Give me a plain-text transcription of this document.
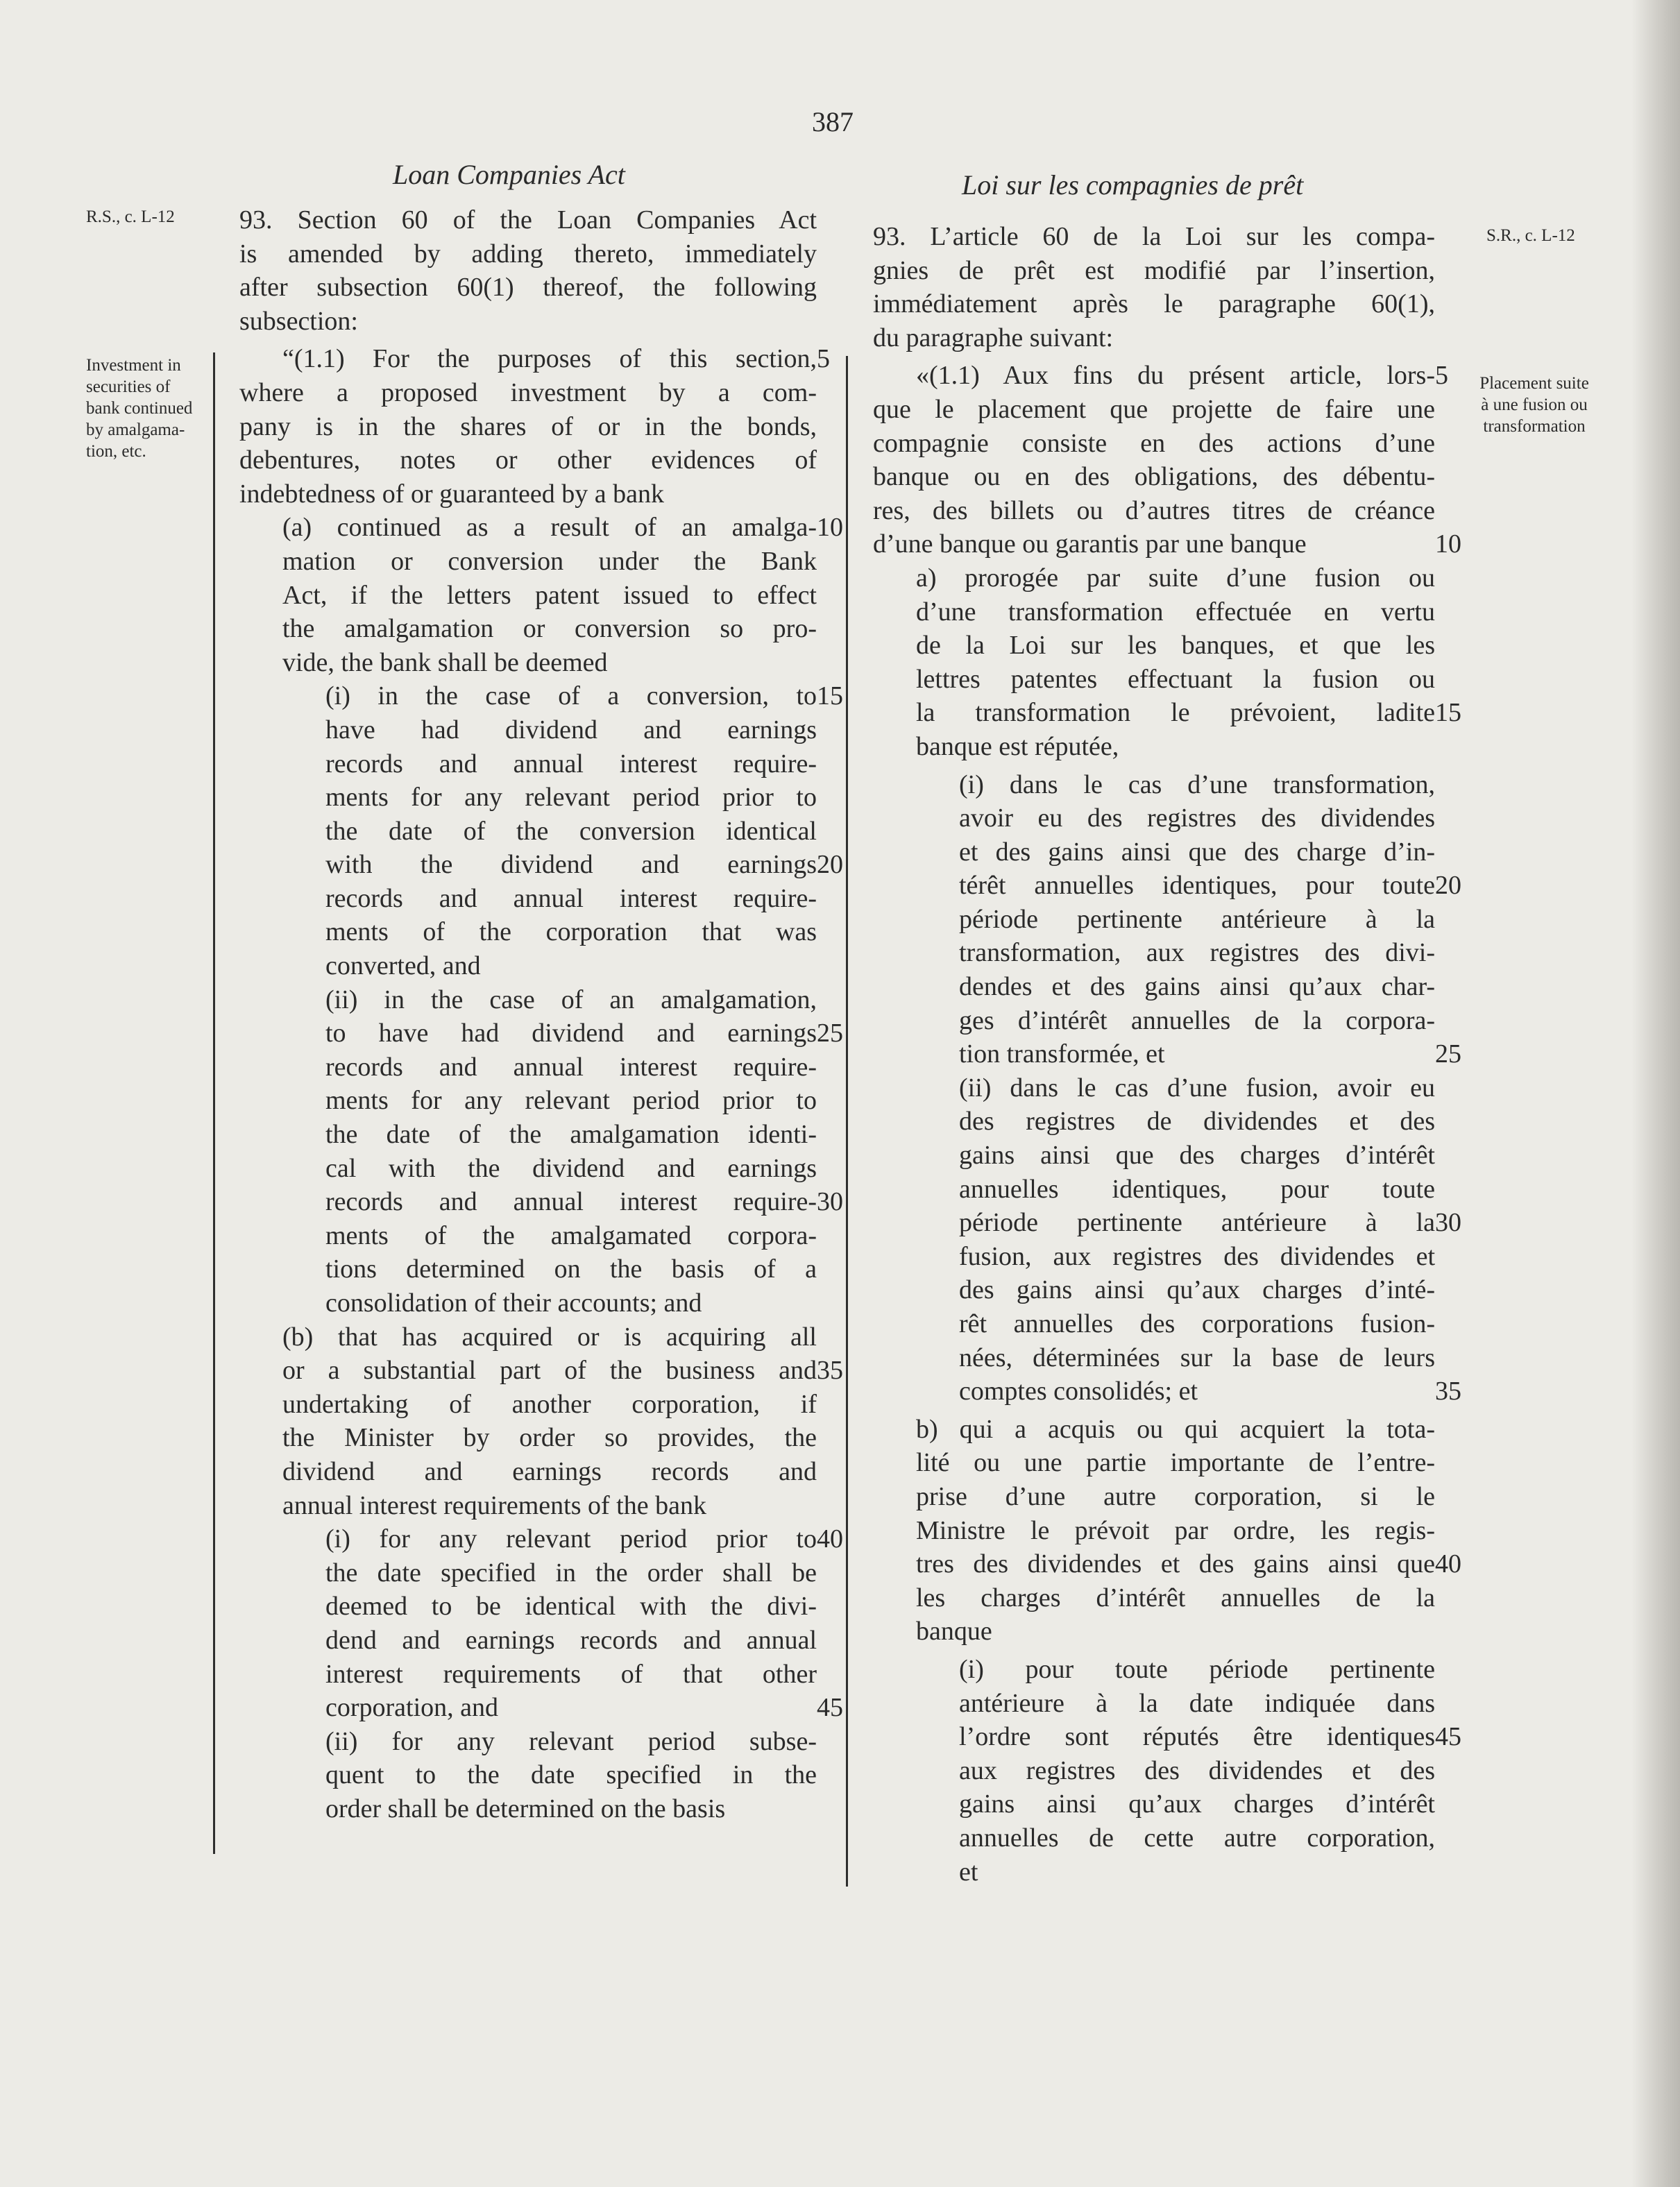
387
Loan Companies Act	Loi sur les compagnies de prêt
R.S., c. L-12
Investment in
securities of
bank continued
by amalgama-
tion, etc.
S.R., c. L-12
Placement suite
à une fusion ou
transformation
93. Section 60 of the Loan Companies Act
is amended by adding thereto, immediately
after subsection 60(1) thereof, the following
subsection:
“(1.1) For the purposes of this section, 5
where a proposed investment by a com-
pany is in the shares of or in the bonds,
debentures, notes or other evidences of
indebtedness of or guaranteed by a bank
(a) continued as a result of an amalga- 10
mation or conversion under the Bank
Act, if the letters patent issued to effect
the amalgamation or conversion so pro-
vide, the bank shall be deemed
(i) in the case of a conversion, to 15
have had dividend and earnings
records and annual interest require-
ments for any relevant period prior to
the date of the conversion identical
with the dividend and earnings 20
records and annual interest require-
ments of the corporation that was
converted, and
(ii) in the case of an amalgamation,
to have had dividend and earnings 25
records and annual interest require-
ments for any relevant period prior to
the date of the amalgamation identi-
cal with the dividend and earnings
records and annual interest require- 30
ments of the amalgamated corpora-
tions determined on the basis of a
consolidation of their accounts; and
(b) that has acquired or is acquiring all
or a substantial part of the business and 35
undertaking of another corporation, if
the Minister by order so provides, the
dividend and earnings records and
annual interest requirements of the bank
(i) for any relevant period prior to 40
the date specified in the order shall be
deemed to be identical with the divi-
dend and earnings records and annual
interest requirements of that other
corporation, and	45
(ii) for any relevant period subse-
quent to the date specified in the
order shall be determined on the basis
93. L’article 60 de la Loi sur les compa-
gnies de prêt est modifié par l’insertion,
immédiatement après le paragraphe 60(1),
du paragraphe suivant:
«(1.1) Aux fins du présent article, lors- 5
que le placement que projette de faire une
compagnie consiste en des actions d’une
banque ou en des obligations, des débentu-
res, des billets ou d’autres titres de créance
d’une banque ou garantis par une banque	10
a) prorogée par suite d’une fusion ou
d’une transformation effectuée en vertu
de la Loi sur les banques, et que les
lettres patentes effectuant la fusion ou
la transformation le prévoient, ladite 15
banque est réputée,
(i) dans le cas d’une transformation,
avoir eu des registres des dividendes
et des gains ainsi que des charge d’in-
térêt annuelles identiques, pour toute 20
période pertinente antérieure à la
transformation, aux registres des divi-
dendes et des gains ainsi qu’aux char-
ges d’intérêt annuelles de la corpora-
tion transformée, et	25
(ii) dans le cas d’une fusion, avoir eu
des registres de dividendes et des
gains ainsi que des charges d’intérêt
annuelles identiques, pour toute
période pertinente antérieure à la 30
fusion, aux registres des dividendes et
des gains ainsi qu’aux charges d’inté-
rêt annuelles des corporations fusion-
nées, déterminées sur la base de leurs
comptes consolidés; et	35
b) qui a acquis ou qui acquiert la tota-
lité ou une partie importante de l’entre-
prise d’une autre corporation, si le
Ministre le prévoit par ordre, les regis-
tres des dividendes et des gains ainsi que 40
les charges d’intérêt annuelles de la
banque
(i) pour toute période pertinente
antérieure à la date indiquée dans
l’ordre sont réputés être identiques 45
aux registres des dividendes et des
gains ainsi qu’aux charges d’intérêt
annuelles de cette autre corporation,
et
